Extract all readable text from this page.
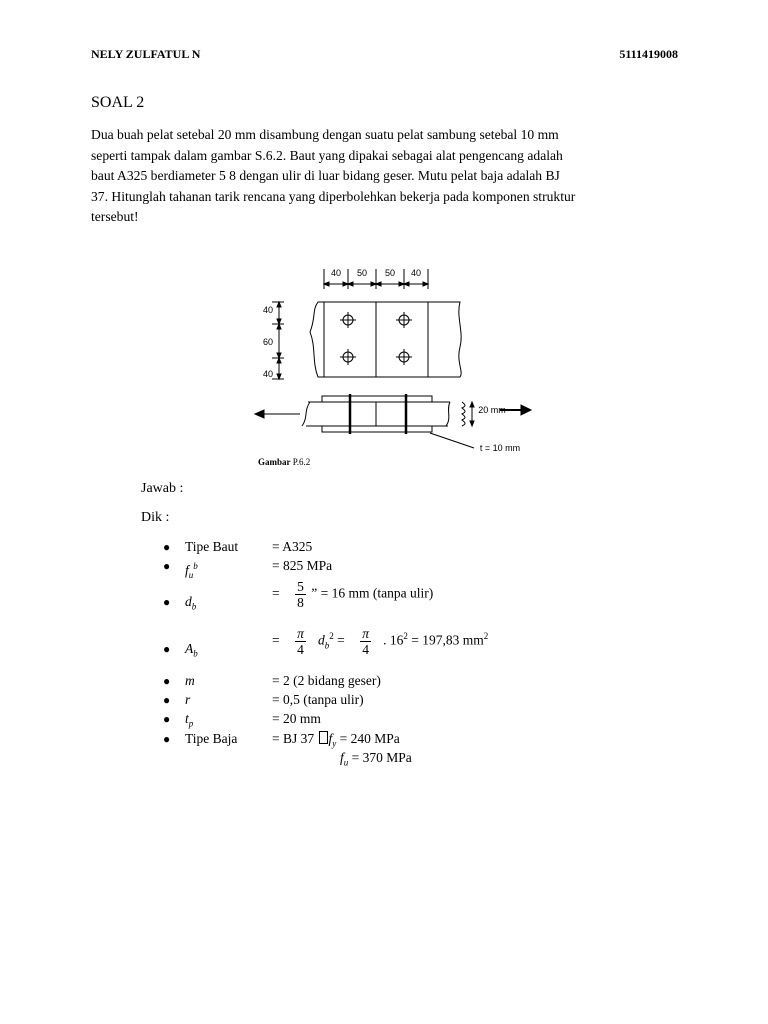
NELY ZULFATUL N	5111419008
SOAL 2

Dua buah pelat setebal 20 mm disambung dengan suatu pelat sambung setebal 10 mm

seperti tampak dalam gambar S.6.2. Baut yang dipakai sebagai alat pengencang adalah

baut A325 berdiameter 5 8 dengan ulir di luar bidang geser. Mutu pelat baja adalah BJ

37. Hitunglah tahanan tarik rencana yang diperbolehkan bekerja pada komponen struktur

tersebut!

40 50 50 40
40
60
40
20 mm
t = 10 mm
Gambar P.6.2
Jawab :
Dik :
● Tipe Baut	= A325
● $f_u^b$	= 825 MPa
● $d_b$
= $\frac{5}{8}$ ” = 16 mm (tanpa ulir)
● $A_b$
= $\frac{\pi}{4} d_b^2 = \frac{\pi}{4}$ . $16^2 = 197,83$ $mm^2$
● m	= 2 (2 bidang geser)
● r	= 0,5 (tanpa ulir)
● $t_p$	= 20 mm
● Tipe Baja	= BJ 37 $f_y = 240$ MPa
$f_u = 370$ MPa
